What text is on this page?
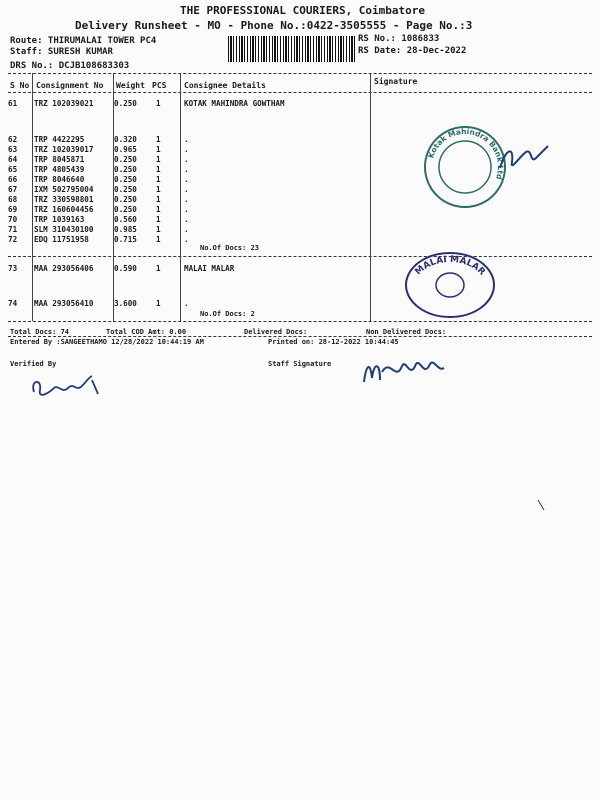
THE PROFESSIONAL COURIERS, Coimbatore
Delivery Runsheet - MO - Phone No.:0422-3505555 - Page No.:3
Route: THIRUMALAI TOWER PC4
Staff: SURESH KUMAR
DRS No.: DCJB108683303
RS No.: 1086833
RS Date: 28-Dec-2022
S No Consignment No Weight PCS Consignee Details	Signature
61 TRZ 102039021	0.250	1	KOTAK MAHINDRA GOWTHAM
62 TRP 4422295	0.320	1	.
63 TRZ 102039017	0.965	1	.
64 TRP 8045871	0.250	1	.
65 TRP 4805439	0.250	1	.
66 TRP 8046640	0.250	1	.
67 IXM 502795004	0.250	1	.
68 TRZ 330598801	0.250	1	.
69 TRZ 160604456	0.250	1	.
70 TRP 1039163	0.560	1	.
71 SLM 310430100	0.985	1	.
72 EDQ 11751958	0.715	1	.
No.Of Docs: 23
73 MAA 293056406	0.590	1	MALAI MALAR
74 MAA 293056410	3.600	1	.
No.Of Docs: 2
Total Docs: 74	Total COD Amt: 0.00	Delivered Docs:	Non Delivered Docs:
Entered By :SANGEETHAMO 12/28/2022 10:44:19 AM	Printed on: 28-12-2022 10:44:45
Verified By	Staff Signature
Kotak Mahindra Bank Ltd
MALAI MALAR
